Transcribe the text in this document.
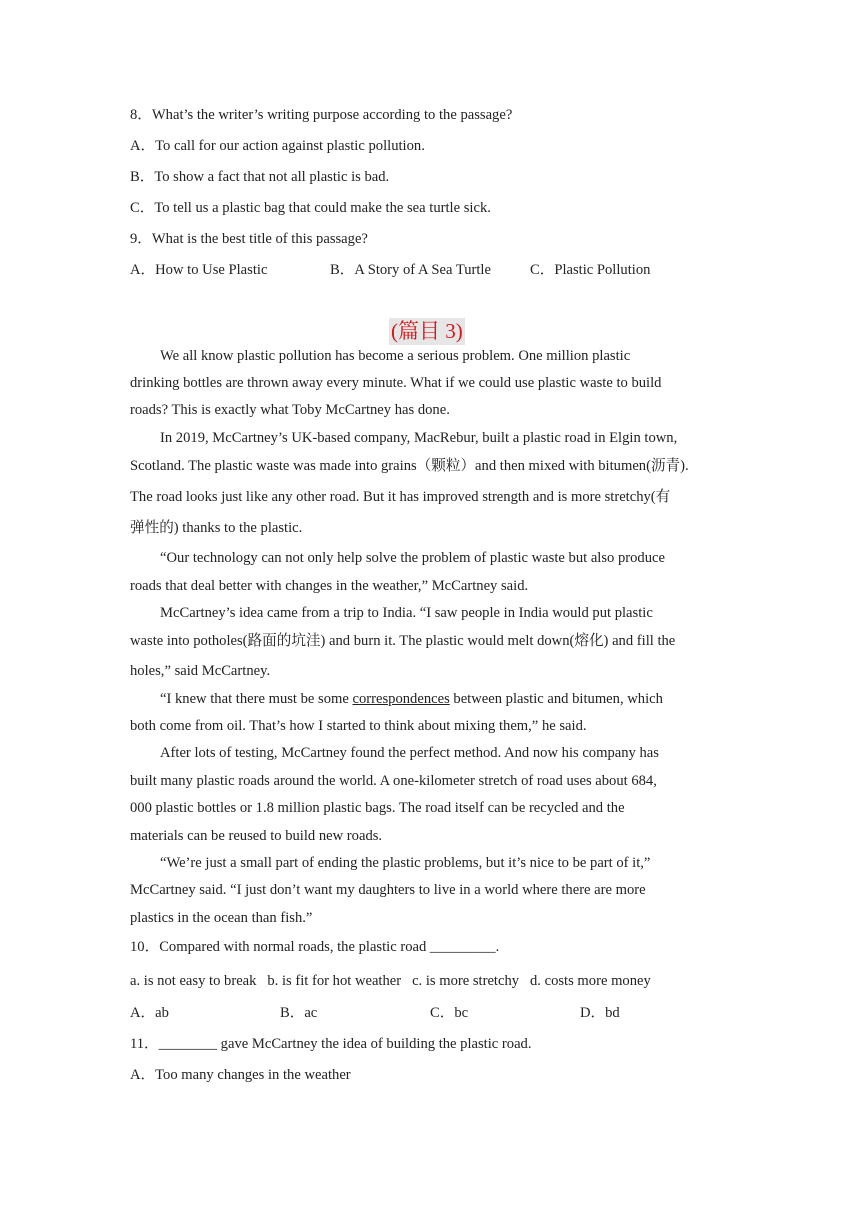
8．What’s the writer’s writing purpose according to the passage?
A．To call for our action against plastic pollution.
B．To show a fact that not all plastic is bad.
C．To tell us a plastic bag that could make the sea turtle sick.
9．What is the best title of this passage?
A．How to Use Plastic	B．A Story of A Sea Turtle	C．Plastic Pollution
(篇目 3)
We all know plastic pollution has become a serious problem. One million plastic
drinking bottles are thrown away every minute. What if we could use plastic waste to build
roads? This is exactly what Toby McCartney has done.
In 2019, McCartney’s UK-based company, MacRebur, built a plastic road in Elgin town,
Scotland. The plastic waste was made into grains（颗粒）and then mixed with bitumen(沥青).
The road looks just like any other road. But it has improved strength and is more stretchy(有
弹性的) thanks to the plastic.
“Our technology can not only help solve the problem of plastic waste but also produce
roads that deal better with changes in the weather,” McCartney said.
McCartney’s idea came from a trip to India. “I saw people in India would put plastic
waste into potholes(路面的坑洼) and burn it. The plastic would melt down(熔化) and fill the
holes,” said McCartney.
“I knew that there must be some correspondences between plastic and bitumen, which
both come from oil. That’s how I started to think about mixing them,” he said.
After lots of testing, McCartney found the perfect method. And now his company has
built many plastic roads around the world. A one-kilometer stretch of road uses about 684,
000 plastic bottles or 1.8 million plastic bags. The road itself can be recycled and the
materials can be reused to build new roads.
“We’re just a small part of ending the plastic problems, but it’s nice to be part of it,”
McCartney said. “I just don’t want my daughters to live in a world where there are more
plastics in the ocean than fish.”
10．Compared with normal roads, the plastic road _________.
a. is not easy to break   b. is fit for hot weather   c. is more stretchy   d. costs more money
A．ab	B．ac	C．bc	D．bd
11．________ gave McCartney the idea of building the plastic road.
A．Too many changes in the weather
